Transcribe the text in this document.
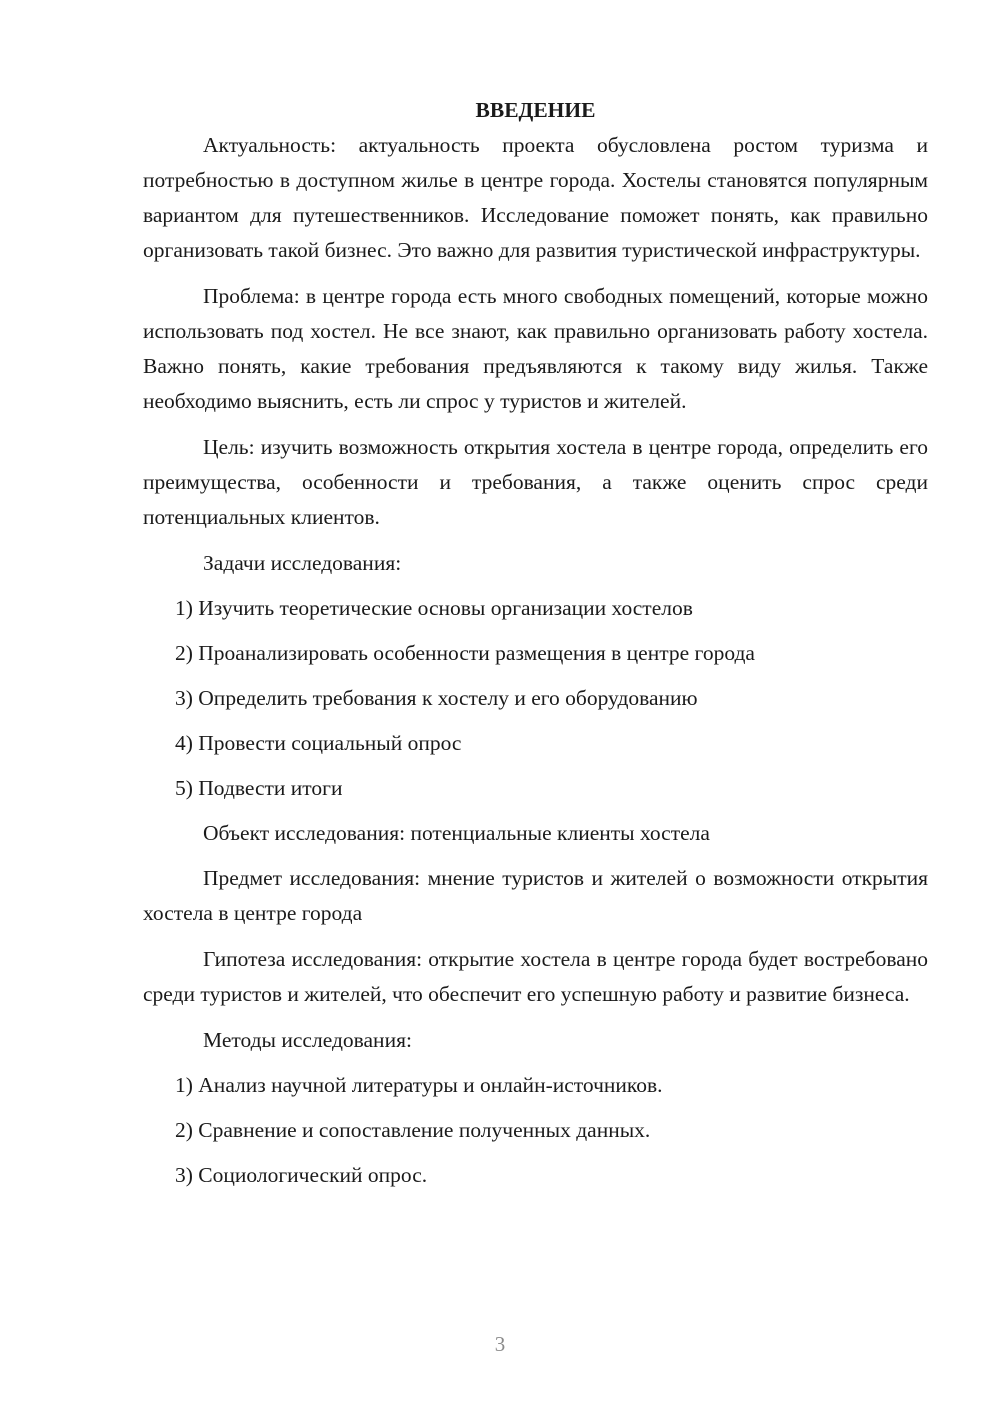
ВВЕДЕНИЕ

Актуальность: актуальность проекта обусловлена ростом туризма и потребностью в доступном жилье в центре города. Хостелы становятся популярным вариантом для путешественников. Исследование поможет понять, как правильно организовать такой бизнес. Это важно для развития туристической инфраструктуры.

Проблема: в центре города есть много свободных помещений, которые можно использовать под хостел. Не все знают, как правильно организовать работу хостела. Важно понять, какие требования предъявляются к такому виду жилья. Также необходимо выяснить, есть ли спрос у туристов и жителей.

Цель: изучить возможность открытия хостела в центре города, определить его преимущества, особенности и требования, а также оценить спрос среди потенциальных клиентов.

Задачи исследования:

1) Изучить теоретические основы организации хостелов
2) Проанализировать особенности размещения в центре города
3) Определить требования к хостелу и его оборудованию
4) Провести социальный опрос
5) Подвести итоги

Объект исследования: потенциальные клиенты хостела

Предмет исследования: мнение туристов и жителей о возможности открытия хостела в центре города

Гипотеза исследования: открытие хостела в центре города будет востребовано среди туристов и жителей, что обеспечит его успешную работу и развитие бизнеса.

Методы исследования:

1) Анализ научной литературы и онлайн-источников.
2) Сравнение и сопоставление полученных данных.
3) Социологический опрос.
3
